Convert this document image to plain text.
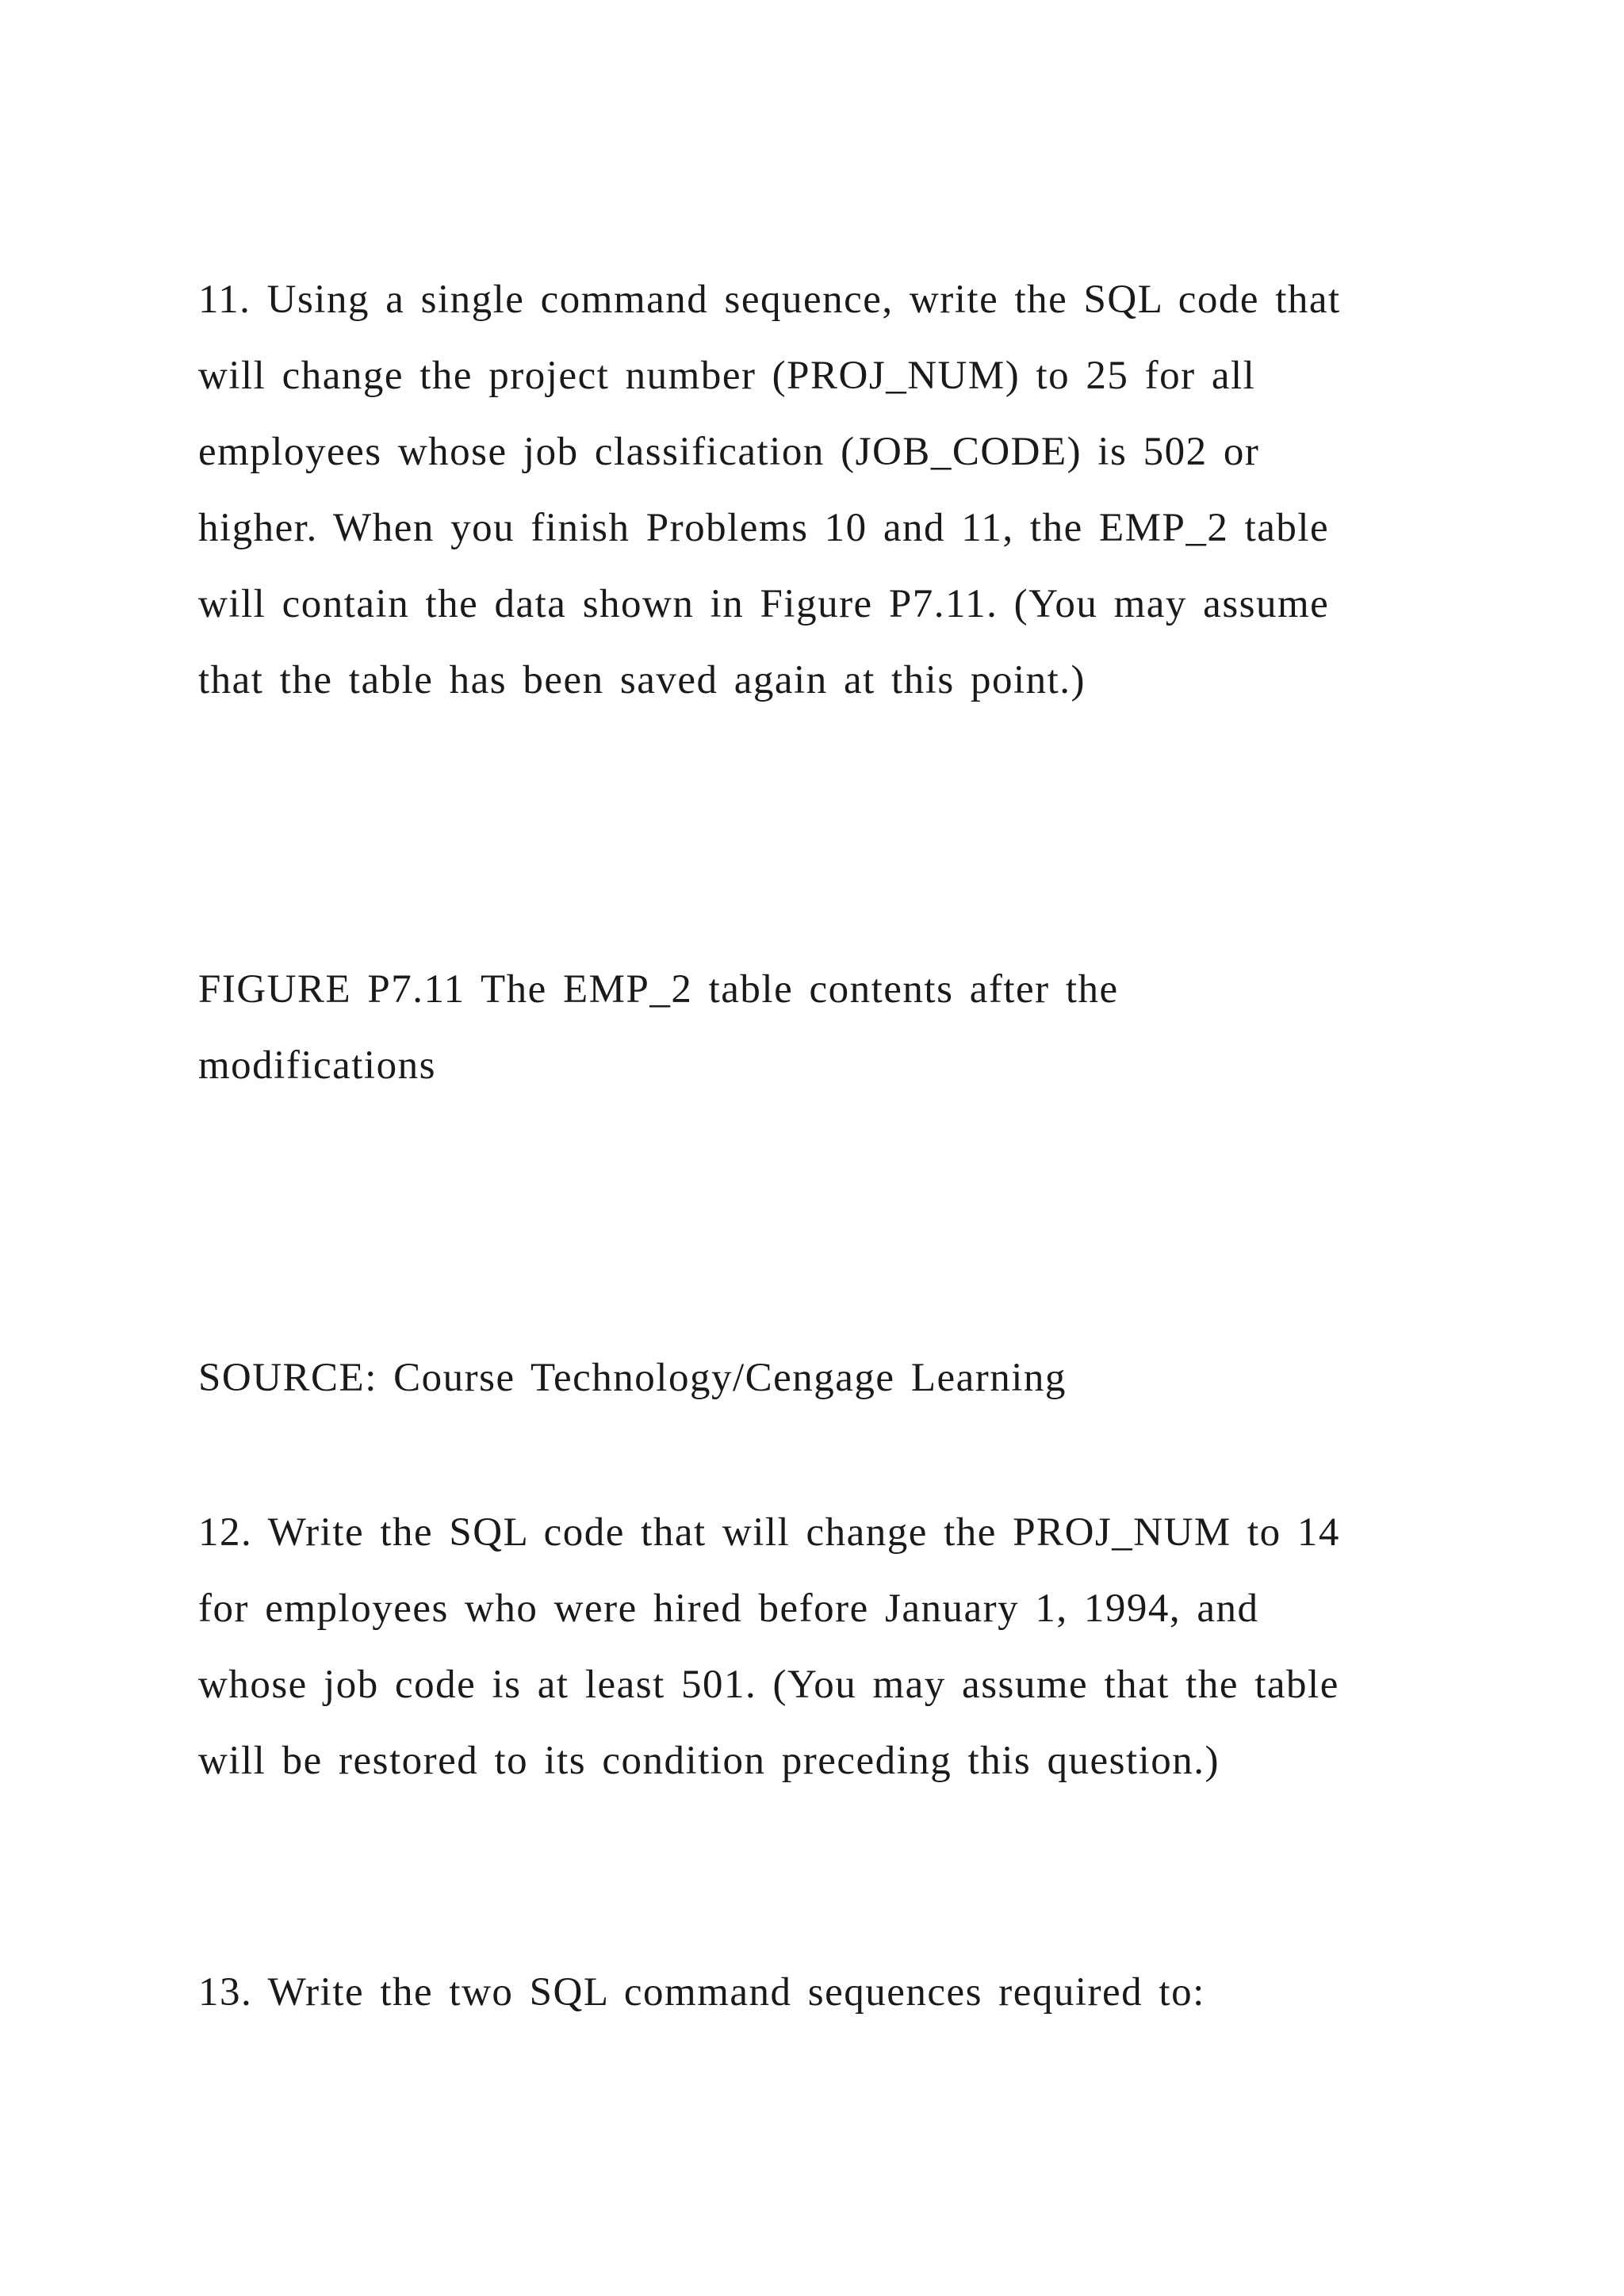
11. Using a single command sequence, write the SQL code that
will change the project number (PROJ_NUM) to 25 for all
employees whose job classification (JOB_CODE) is 502 or
higher. When you finish Problems 10 and 11, the EMP_2 table
will contain the data shown in Figure P7.11. (You may assume
that the table has been saved again at this point.)
FIGURE P7.11 The EMP_2 table contents after the
modifications
SOURCE: Course Technology/Cengage Learning
12. Write the SQL code that will change the PROJ_NUM to 14
for employees who were hired before January 1, 1994, and
whose job code is at least 501. (You may assume that the table
will be restored to its condition preceding this question.)
13. Write the two SQL command sequences required to:
